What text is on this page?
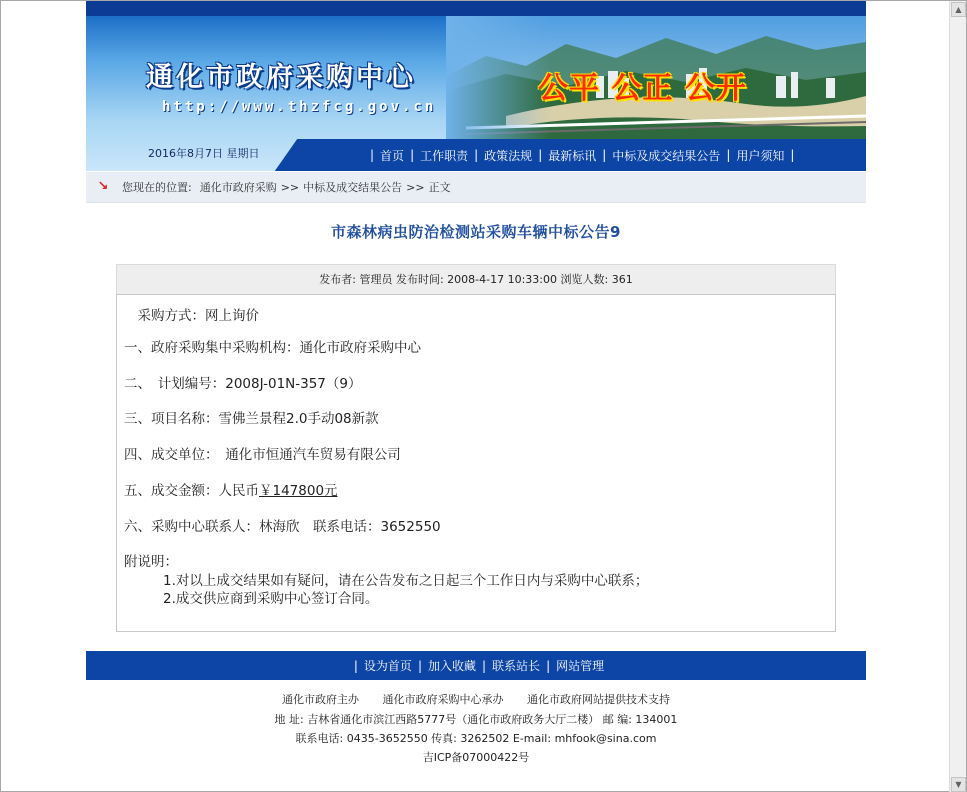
通化市政府采购中心
http://www.thzfcg.gov.cn
公平 公正 公开
2016年8月7日 星期日	| 首页 | 工作职责 | 政策法规 | 最新标讯 | 中标及成交结果公告 | 用户须知 |
↘ 您现在的位置: 通化市政府采购 >> 中标及成交结果公告 >> 正文
市森林病虫防治检测站采购车辆中标公告9
发布者: 管理员 发布时间: 2008-4-17 10:33:00 浏览人数: 361
　采购方式：网上询价
一、政府采购集中采购机构：通化市政府采购中心
二、　计划编号：2008J-01N-357（9）
三、项目名称：雪佛兰景程2.0手动08新款
四、成交单位：　通化市恒通汽车贸易有限公司
五、成交金额：人民币￥147800元
六、采购中心联系人：林海欣　联系电话：3652550
附说明：
1.对以上成交结果如有疑问，请在公告发布之日起三个工作日内与采购中心联系；
2.成交供应商到采购中心签订合同。
| 设为首页 | 加入收藏 | 联系站长 | 网站管理
通化市政府主办 通化市政府采购中心承办 通化市政府网站提供技术支持
地 址: 吉林省通化市滨江西路5777号（通化市政府政务大厅二楼） 邮 编: 134001
联系电话: 0435-3652550 传真: 3262502 E-mail: mhfook@sina.com
吉ICP备07000422号
▲
▼
